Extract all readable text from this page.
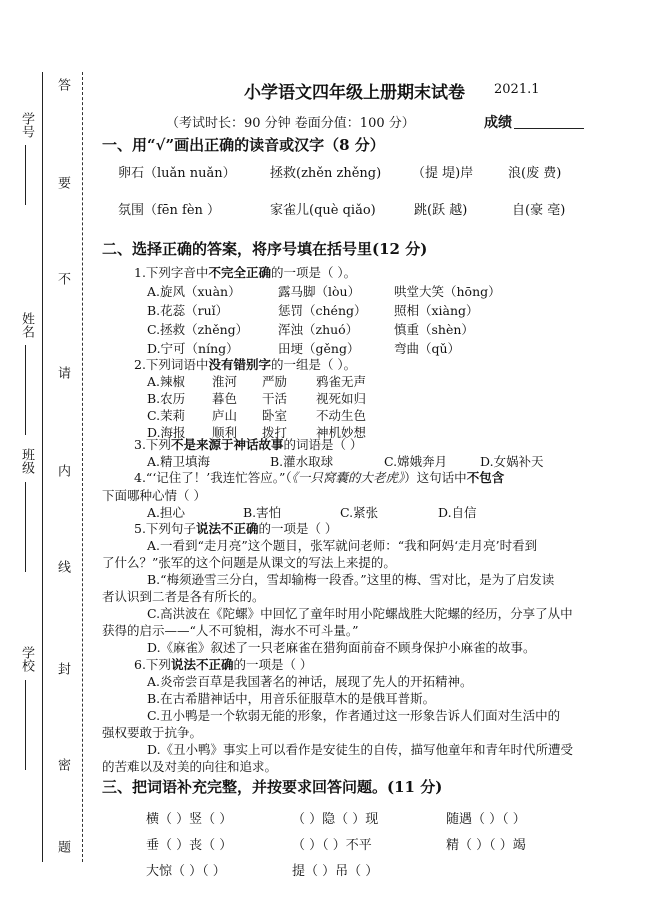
学号
姓名
班级
学校
答
要
不
请
内
线
封
密
题
小学语文四年级上册期末试卷 2021.1
（考试时长：90 分钟 卷面分值：100 分）	成绩
一、用“√”画出正确的读音或汉字（8 分）
卵石（luǎn nuǎn）	拯救(zhěn zhěng) （提 堤)岸	浪(废 费)
氛围（fēn fèn ）	家雀儿(què qiǎo)	跳(跃 越)	自(豪 亳)
二、选择正确的答案，将序号填在括号里(12 分)
1.下列字音中不完全正确的一项是（ ）。
A.旋风（xuàn）	露马脚（lòu）	哄堂大笑（hōng）
B.花蕊（ruǐ）	惩罚（chéng） 照相（xiàng）
C.拯救（zhěng） 浑浊（zhuó）	慎重（shèn）
D.宁可（níng）	田埂（gěng）	弯曲（qǔ）
2.下列词语中没有错别字的一组是（ ）。
A.辣椒 淮河 严励 鸦雀无声
B.农历 暮色 干活 视死如归
C.茉莉 庐山 卧室 不动生色
D.海报 顺利 拨打 神机妙想
3.下列不是来源于神话故事的词语是（ ）
A.精卫填海	B.灌水取球	C.嫦娥奔月	D.女娲补天
4.“‘记住了！’我连忙答应。”（《一只窝囊的大老虎》）这句话中不包含
下面哪种心情（ ）
A.担心	B.害怕	C.紧张	D.自信
5.下列句子说法不正确的一项是（ ）
A.一看到“走月亮”这个题目，张军就问老师：“我和阿妈‘走月亮’时看到
了什么？”张军的这个问题是从课文的写法上来提的。
B.“梅须逊雪三分白，雪却输梅一段香。”这里的梅、雪对比，是为了启发读
者认识到二者是各有所长的。
C.高洪波在《陀螺》中回忆了童年时用小陀螺战胜大陀螺的经历，分享了从中
获得的启示——“人不可貌相，海水不可斗量。”
D.《麻雀》叙述了一只老麻雀在猎狗面前奋不顾身保护小麻雀的故事。
6.下列说法不正确的一项是（ ）
A.炎帝尝百草是我国著名的神话，展现了先人的开拓精神。
B.在古希腊神话中，用音乐征服草木的是俄耳普斯。
C.丑小鸭是一个软弱无能的形象，作者通过这一形象告诉人们面对生活中的
强权要敢于抗争。
D.《丑小鸭》事实上可以看作是安徒生的自传，描写他童年和青年时代所遭受
的苦难以及对美的向往和追求。
三、把词语补充完整，并按要求回答问题。(11 分)
横（ ）竖（ ）	（ ）隐（ ）现	随遇（ ）（ ）
垂（ ）丧（ ）	（ ）（ ）不平	精（ ）（ ）竭
大惊（ ）（ ）	提（ ）吊（ ）
